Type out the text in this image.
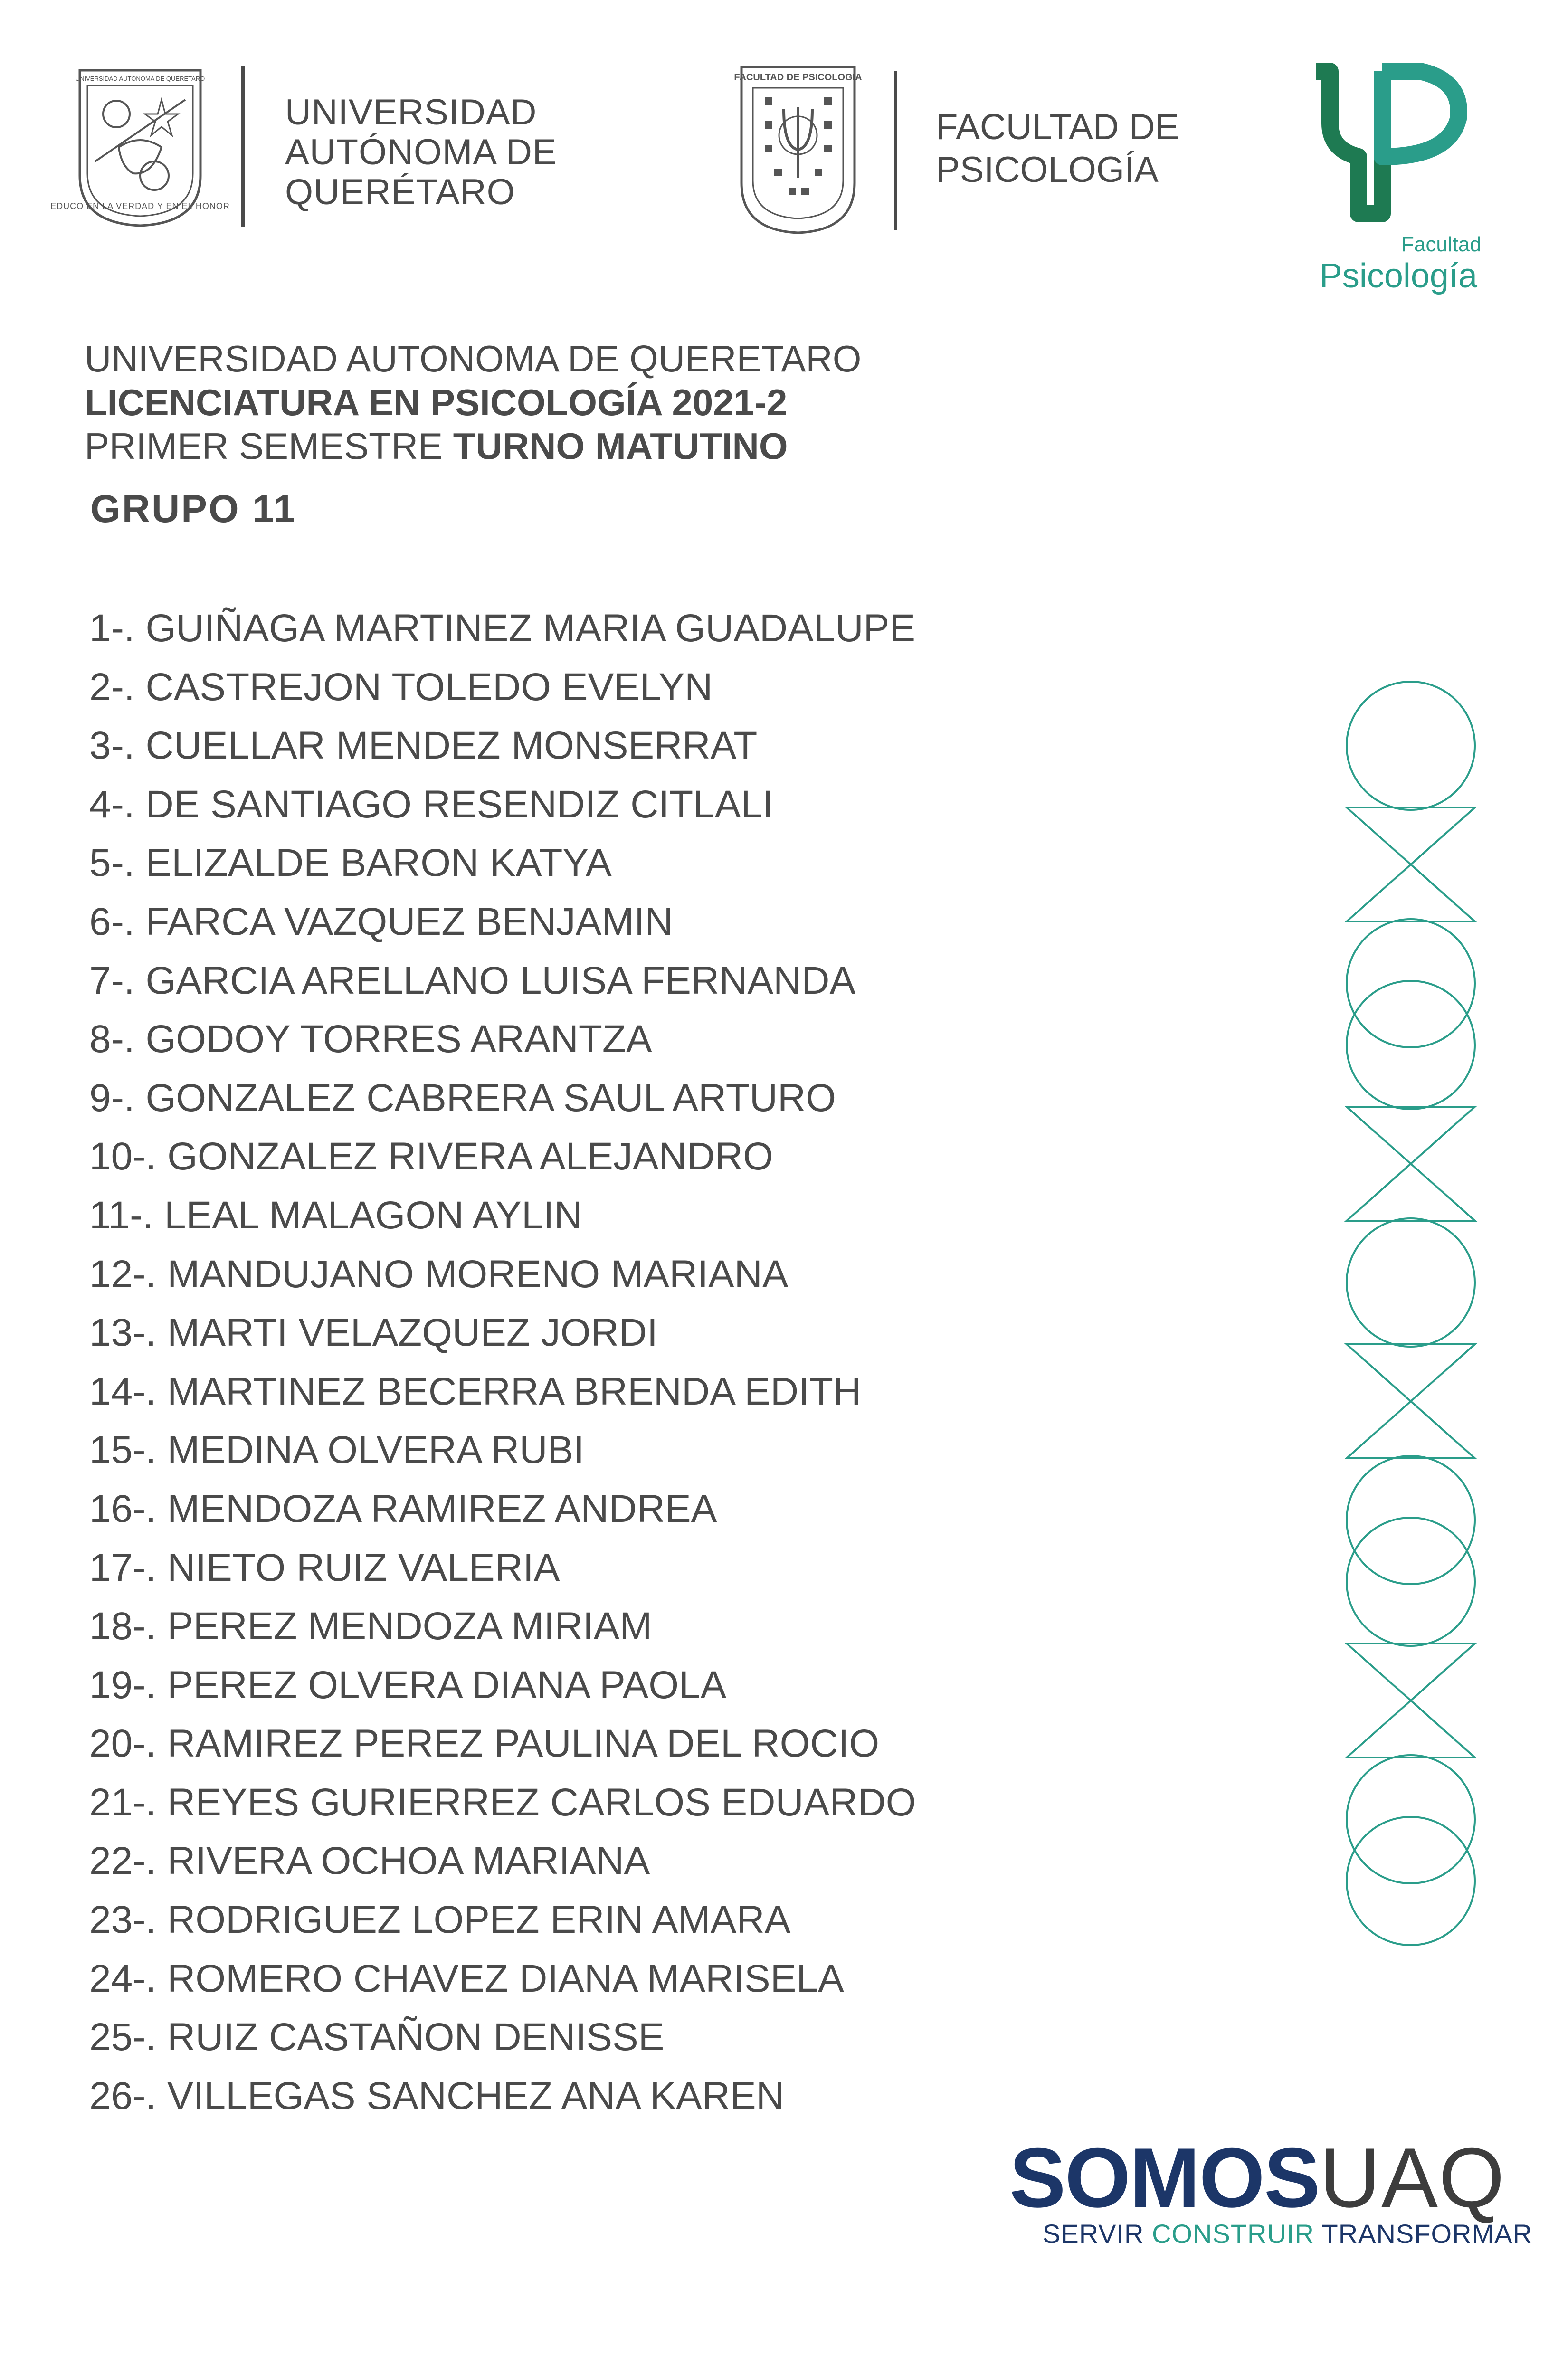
UNIVERSIDAD AUTONOMA DE QUERETARO
EDUCO EN LA VERDAD Y EN EL HONOR
UNIVERSIDAD
AUTÓNOMA DE
QUERÉTARO
FACULTAD DE PSICOLOGIA
FACULTAD DE
PSICOLOGÍA
Facultad
Psicología
UNIVERSIDAD AUTONOMA DE QUERETARO
LICENCIATURA EN PSICOLOGÍA 2021-2
PRIMER SEMESTRE TURNO MATUTINO
GRUPO 11
1-. GUIÑAGA MARTINEZ MARIA GUADALUPE
2-. CASTREJON TOLEDO EVELYN
3-. CUELLAR MENDEZ MONSERRAT
4-. DE SANTIAGO RESENDIZ CITLALI
5-. ELIZALDE BARON KATYA
6-. FARCA VAZQUEZ BENJAMIN
7-. GARCIA ARELLANO LUISA FERNANDA
8-. GODOY TORRES ARANTZA
9-. GONZALEZ CABRERA SAUL ARTURO
10-. GONZALEZ RIVERA ALEJANDRO
11-. LEAL MALAGON AYLIN
12-. MANDUJANO MORENO MARIANA
13-. MARTI VELAZQUEZ JORDI
14-. MARTINEZ BECERRA BRENDA EDITH
15-. MEDINA OLVERA RUBI
16-. MENDOZA RAMIREZ ANDREA
17-. NIETO RUIZ VALERIA
18-. PEREZ MENDOZA MIRIAM
19-. PEREZ OLVERA DIANA PAOLA
20-. RAMIREZ PEREZ PAULINA DEL ROCIO
21-. REYES GURIERREZ CARLOS EDUARDO
22-. RIVERA OCHOA MARIANA
23-. RODRIGUEZ LOPEZ ERIN AMARA
24-. ROMERO CHAVEZ DIANA MARISELA
25-. RUIZ CASTAÑON DENISSE
26-. VILLEGAS SANCHEZ ANA KAREN
SOMOSUAQ
SERVIR CONSTRUIR TRANSFORMAR
